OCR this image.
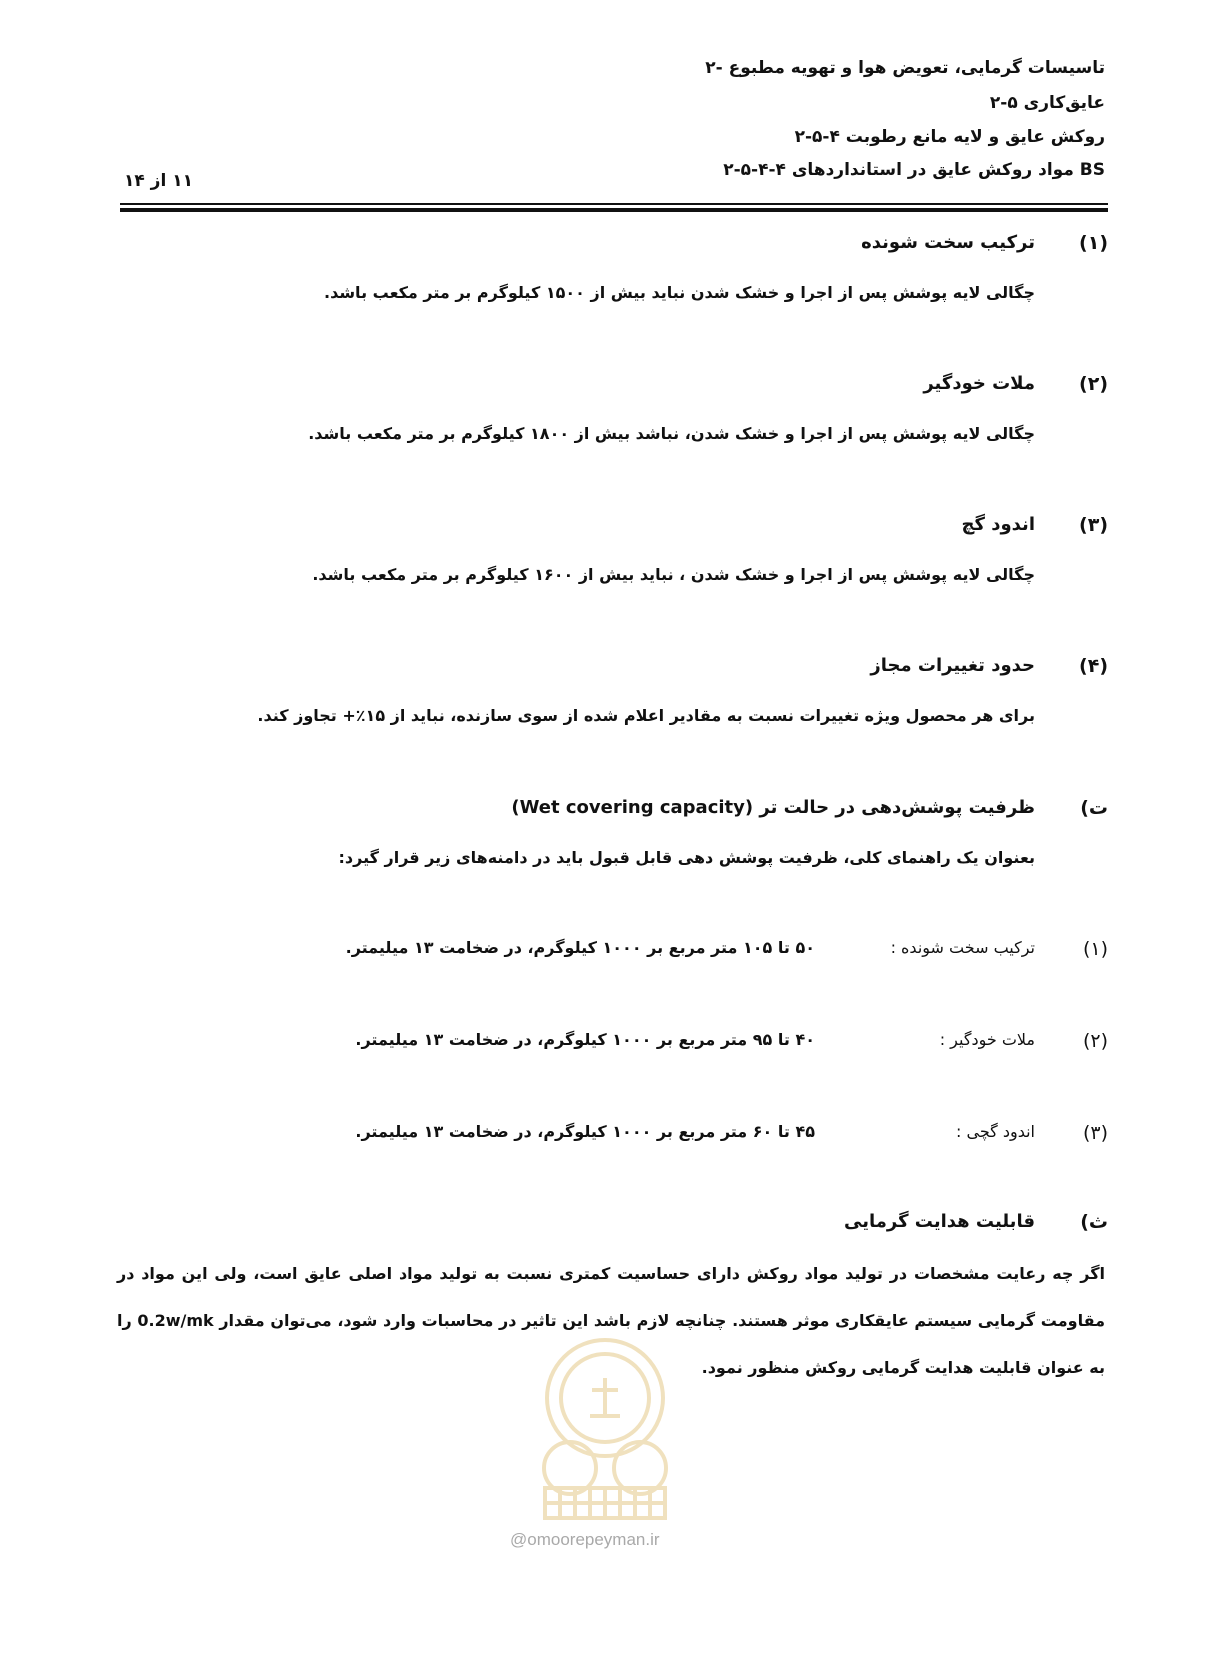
۲- تاسیسات گرمایی، تعویض هوا و تهویه مطبوع
۲-۵ عایق‌کاری
۲-۵-۴ روکش عایق و لایه مانع رطوبت
۲-۵-۴-۴ مواد روکش عایق در استانداردهای BS
۱۱ از ۱۴
(۱)
ترکیب سخت شونده
چگالی لایه پوشش پس از اجرا و خشک شدن نباید بیش از ۱۵۰۰ کیلوگرم بر متر مکعب باشد.
(۲)
ملات خودگیر
چگالی لایه پوشش پس از اجرا و خشک شدن، نباشد بیش از ۱۸۰۰ کیلوگرم بر متر مکعب باشد.
(۳)
اندود گچ
چگالی لایه پوشش پس از اجرا و خشک شدن ، نباید بیش از ۱۶۰۰ کیلوگرم بر متر مکعب باشد.
(۴)
حدود تغییرات مجاز
برای هر محصول ویژه تغییرات نسبت به مقادیر اعلام شده از سوی سازنده، نباید از ۱۵٪+ تجاوز کند.
ت)
ظرفیت پوشش‌دهی در حالت تر (Wet covering capacity)
بعنوان یک راهنمای کلی، ظرفیت پوشش دهی قابل قبول باید در دامنه‌های زیر قرار گیرد:
(۱)
ترکیب سخت شونده :
۵۰ تا ۱۰۵ متر مربع بر ۱۰۰۰ کیلوگرم، در ضخامت ۱۳ میلیمتر.
(۲)
ملات خودگیر :
۴۰ تا ۹۵ متر مربع بر ۱۰۰۰ کیلوگرم، در ضخامت ۱۳ میلیمتر.
(۳)
اندود گچی :
۴۵ تا ۶۰ متر مربع بر ۱۰۰۰ کیلوگرم، در ضخامت ۱۳ میلیمتر.
ث)
قابلیت هدایت گرمایی
اگر چه رعایت مشخصات در تولید مواد روکش دارای حساسیت کمتری نسبت به تولید مواد اصلی عایق است، ولی این مواد در مقاومت گرمایی سیستم عایقکاری موثر هستند. چنانچه لازم باشد این تاثیر در محاسبات وارد شود، می‌توان مقدار 0.2w/mk را به عنوان قابلیت هدایت گرمایی روکش منظور نمود.
@omoorepeyman.ir
